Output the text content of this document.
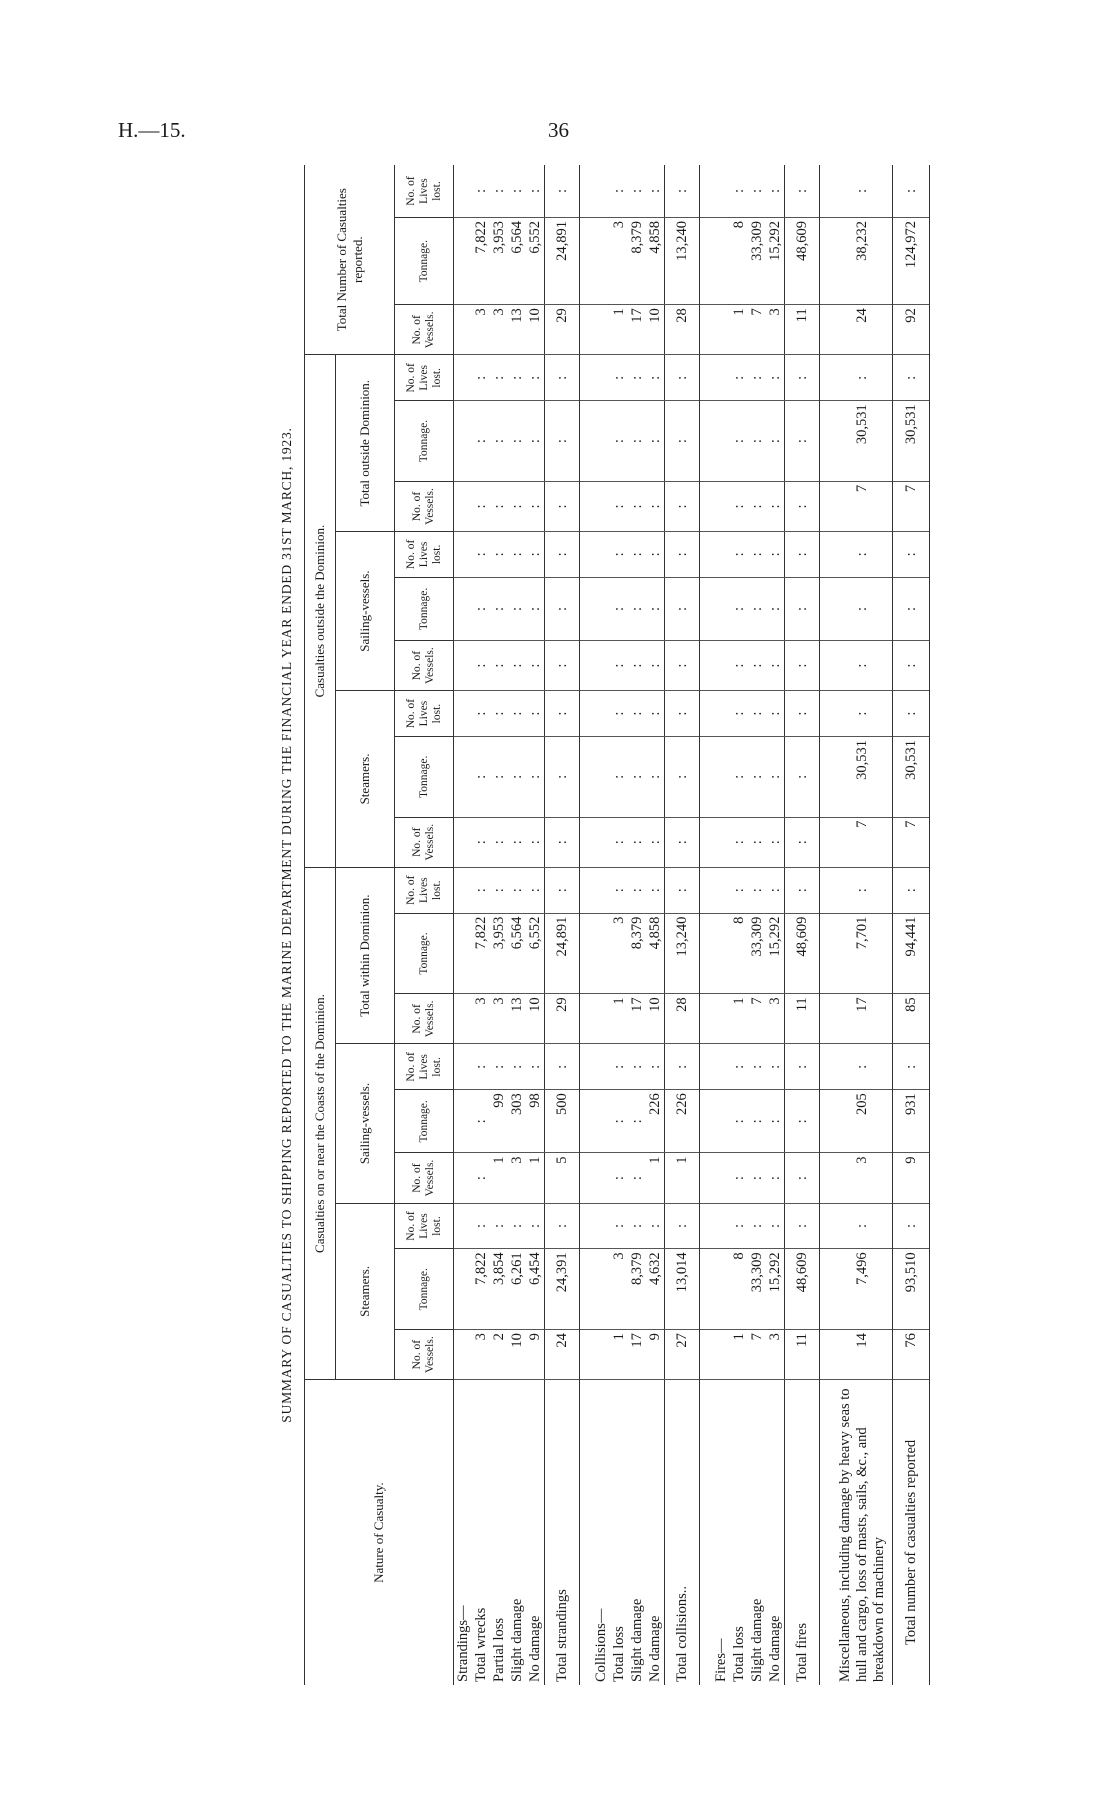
H.—15.	36
SUMMARY OF CASUALTIES TO SHIPPING REPORTED TO THE MARINE DEPARTMENT DURING THE FINANCIAL YEAR ENDED 31ST MARCH, 1923.
Nature of Casualty.	Casualties on or near the Coasts of the Dominion.									Casualties outside the Dominion.									Total Number of Casualties reported.		
	Steamers.			Sailing-vessels.			Total within Dominion.			Steamers.			Sailing-vessels.			Total outside Dominion.					
	No. of Vessels.	Tonnage.	No. of Lives lost.	No. of Vessels.	Tonnage.	No. of Lives lost.	No. of Vessels.	Tonnage.	No. of Lives lost.	No. of Vessels.	Tonnage.	No. of Lives lost.	No. of Vessels.	Tonnage.	No. of Lives lost.	No. of Vessels.	Tonnage.	No. of Lives lost.	No. of Vessels.	Tonnage.	No. of Lives lost.
Strandings—																					
Total wrecks	3	7,822	:	:	:	:	3	7,822	:	:	:	:	:	:	:	:	:	:	3	7,822	:
Partial loss	2	3,854	:	1	99	:	3	3,953	:	:	:	:	:	:	:	:	:	:	3	3,953	:
Slight damage	10	6,261	:	3	303	:	13	6,564	:	:	:	:	:	:	:	:	:	:	13	6,564	:
No damage	9	6,454	:	1	98	:	10	6,552	:	:	:	:	:	:	:	:	:	:	10	6,552	:
Total strandings	24	24,391	:	5	500	:	29	24,891	:	:	:	:	:	:	:	:	:	:	29	24,891	:

Collisions—																					
Total loss	1	3	:	:	:	:	1	3	:	:	:	:	:	:	:	:	:	:	1	3	:
Slight damage	17	8,379	:	:	:	:	17	8,379	:	:	:	:	:	:	:	:	:	:	17	8,379	:
No damage	9	4,632	:	1	226	:	10	4,858	:	:	:	:	:	:	:	:	:	:	10	4,858	:
Total collisions..	27	13,014	:	1	226	:	28	13,240	:	:	:	:	:	:	:	:	:	:	28	13,240	:

Fires—																					
Total loss	1	8	:	:	:	:	1	8	:	:	:	:	:	:	:	:	:	:	1	8	:
Slight damage	7	33,309	:	:	:	:	7	33,309	:	:	:	:	:	:	:	:	:	:	7	33,309	:
No damage	3	15,292	:	:	:	:	3	15,292	:	:	:	:	:	:	:	:	:	:	3	15,292	:
Total fires	11	48,609	:	:	:	:	11	48,609	:	:	:	:	:	:	:	:	:	:	11	48,609	:

Miscellaneous, including damage by heavy seas to hull and cargo, loss of masts, sails, &c., and breakdown of machinery	14	7,496	:	3	205	:	17	7,701	:	7	30,531	:	:	:	:	7	30,531	:	24	38,232	:
Total number of casualties reported	76	93,510	:	9	931	:	85	94,441	:	7	30,531	:	:	:	:	7	30,531	:	92	124,972	:
